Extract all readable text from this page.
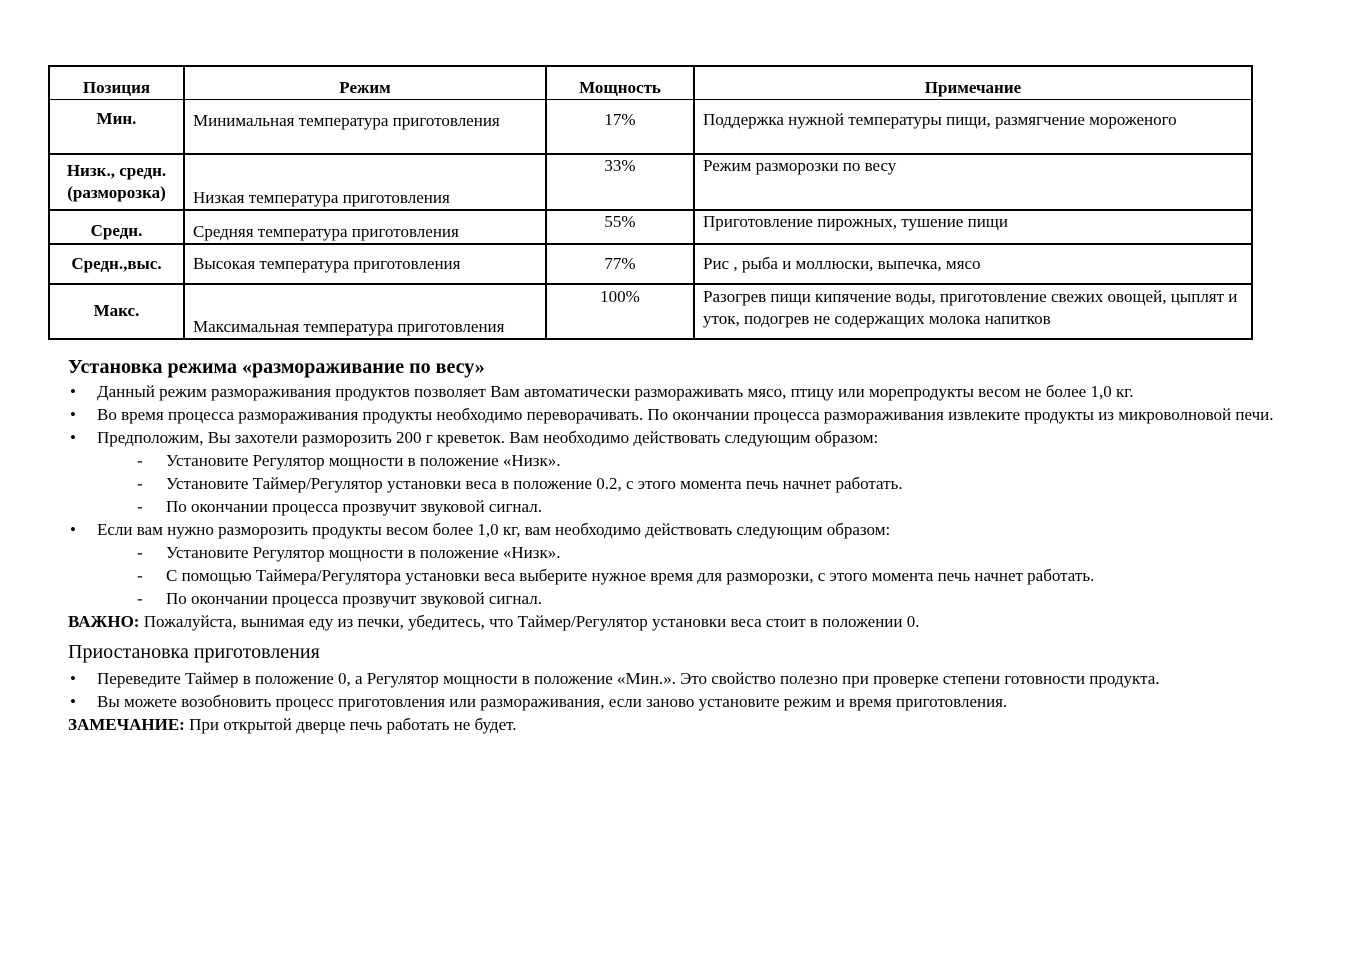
Позиция	Режим	Мощность	Примечание
Мин.	Минимальная температура приготовления	17%	Поддержка нужной температуры пищи, размягчение мороженого
Низк., средн. (разморозка)	Низкая температура приготовления	33%	Режим разморозки по весу
Средн.	Средняя температура приготовления	55%	Приготовление пирожных, тушение пищи
Средн.,выс.	Высокая температура приготовления	77%	Рис , рыба и моллюски, выпечка, мясо
Макс.	Максимальная температура приготовления	100%	Разогрев пищи кипячение воды, приготовление свежих овощей, цыплят и уток, подогрев не содержащих молока напитков
Установка режима «размораживание по весу»
• Данный режим размораживания продуктов позволяет Вам автоматически размораживать мясо, птицу или морепродукты весом не более 1,0 кг.
• Во время процесса размораживания продукты необходимо переворачивать. По окончании процесса размораживания извлеките продукты из микроволновой печи.
• Предположим, Вы захотели разморозить 200 г креветок. Вам необходимо действовать следующим образом:
- Установите Регулятор мощности в положение «Низк».
- Установите Таймер/Регулятор установки веса в положение 0.2, с этого момента печь начнет работать.
- По окончании процесса прозвучит звуковой сигнал.
• Если вам нужно разморозить продукты весом более 1,0 кг, вам необходимо действовать следующим образом:
- Установите Регулятор мощности в положение «Низк».
- С помощью Таймера/Регулятора установки веса выберите нужное время для разморозки, с этого момента печь начнет работать.
- По окончании процесса прозвучит звуковой сигнал.
ВАЖНО: Пожалуйста, вынимая еду из печки, убедитесь, что Таймер/Регулятор установки веса стоит в положении 0.
Приостановка приготовления
• Переведите Таймер в положение 0, а Регулятор мощности в положение «Мин.». Это свойство полезно при проверке степени готовности продукта.
• Вы можете возобновить процесс приготовления или размораживания, если заново установите режим и время приготовления.
ЗАМЕЧАНИЕ: При открытой дверце печь работать не будет.
